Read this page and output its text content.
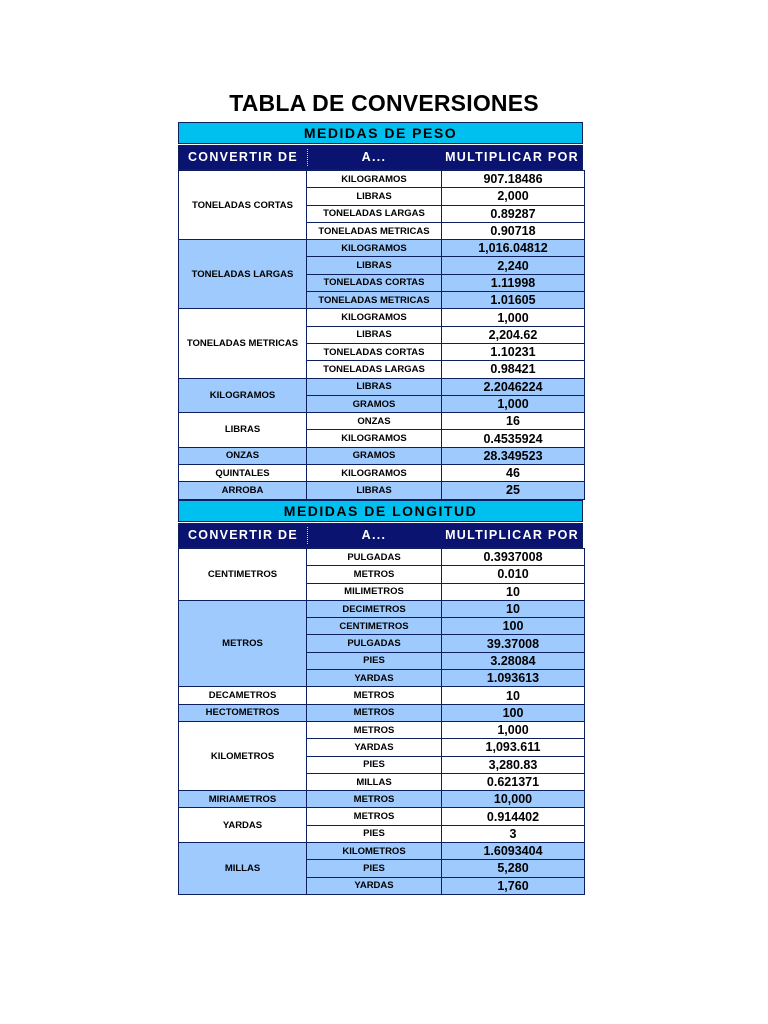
TABLA DE CONVERSIONES
MEDIDAS DE PESO
CONVERTIR DE	A...	MULTIPLICAR POR
TONELADAS CORTAS	KILOGRAMOS	907.18486
	LIBRAS	2,000
	TONELADAS LARGAS	0.89287
	TONELADAS METRICAS	0.90718
TONELADAS LARGAS	KILOGRAMOS	1,016.04812
	LIBRAS	2,240
	TONELADAS CORTAS	1.11998
	TONELADAS METRICAS	1.01605
TONELADAS METRICAS	KILOGRAMOS	1,000
	LIBRAS	2,204.62
	TONELADAS CORTAS	1.10231
	TONELADAS LARGAS	0.98421
KILOGRAMOS	LIBRAS	2.2046224
	GRAMOS	1,000
LIBRAS	ONZAS	16
	KILOGRAMOS	0.4535924
ONZAS	GRAMOS	28.349523
QUINTALES	KILOGRAMOS	46
ARROBA	LIBRAS	25
MEDIDAS DE LONGITUD
CONVERTIR DE	A...	MULTIPLICAR POR
CENTIMETROS	PULGADAS	0.3937008
	METROS	0.010
	MILIMETROS	10
METROS	DECIMETROS	10
	CENTIMETROS	100
	PULGADAS	39.37008
	PIES	3.28084
	YARDAS	1.093613
DECAMETROS	METROS	10
HECTOMETROS	METROS	100
KILOMETROS	METROS	1,000
	YARDAS	1,093.611
	PIES	3,280.83
	MILLAS	0.621371
MIRIAMETROS	METROS	10,000
YARDAS	METROS	0.914402
	PIES	3
MILLAS	KILOMETROS	1.6093404
	PIES	5,280
	YARDAS	1,760
